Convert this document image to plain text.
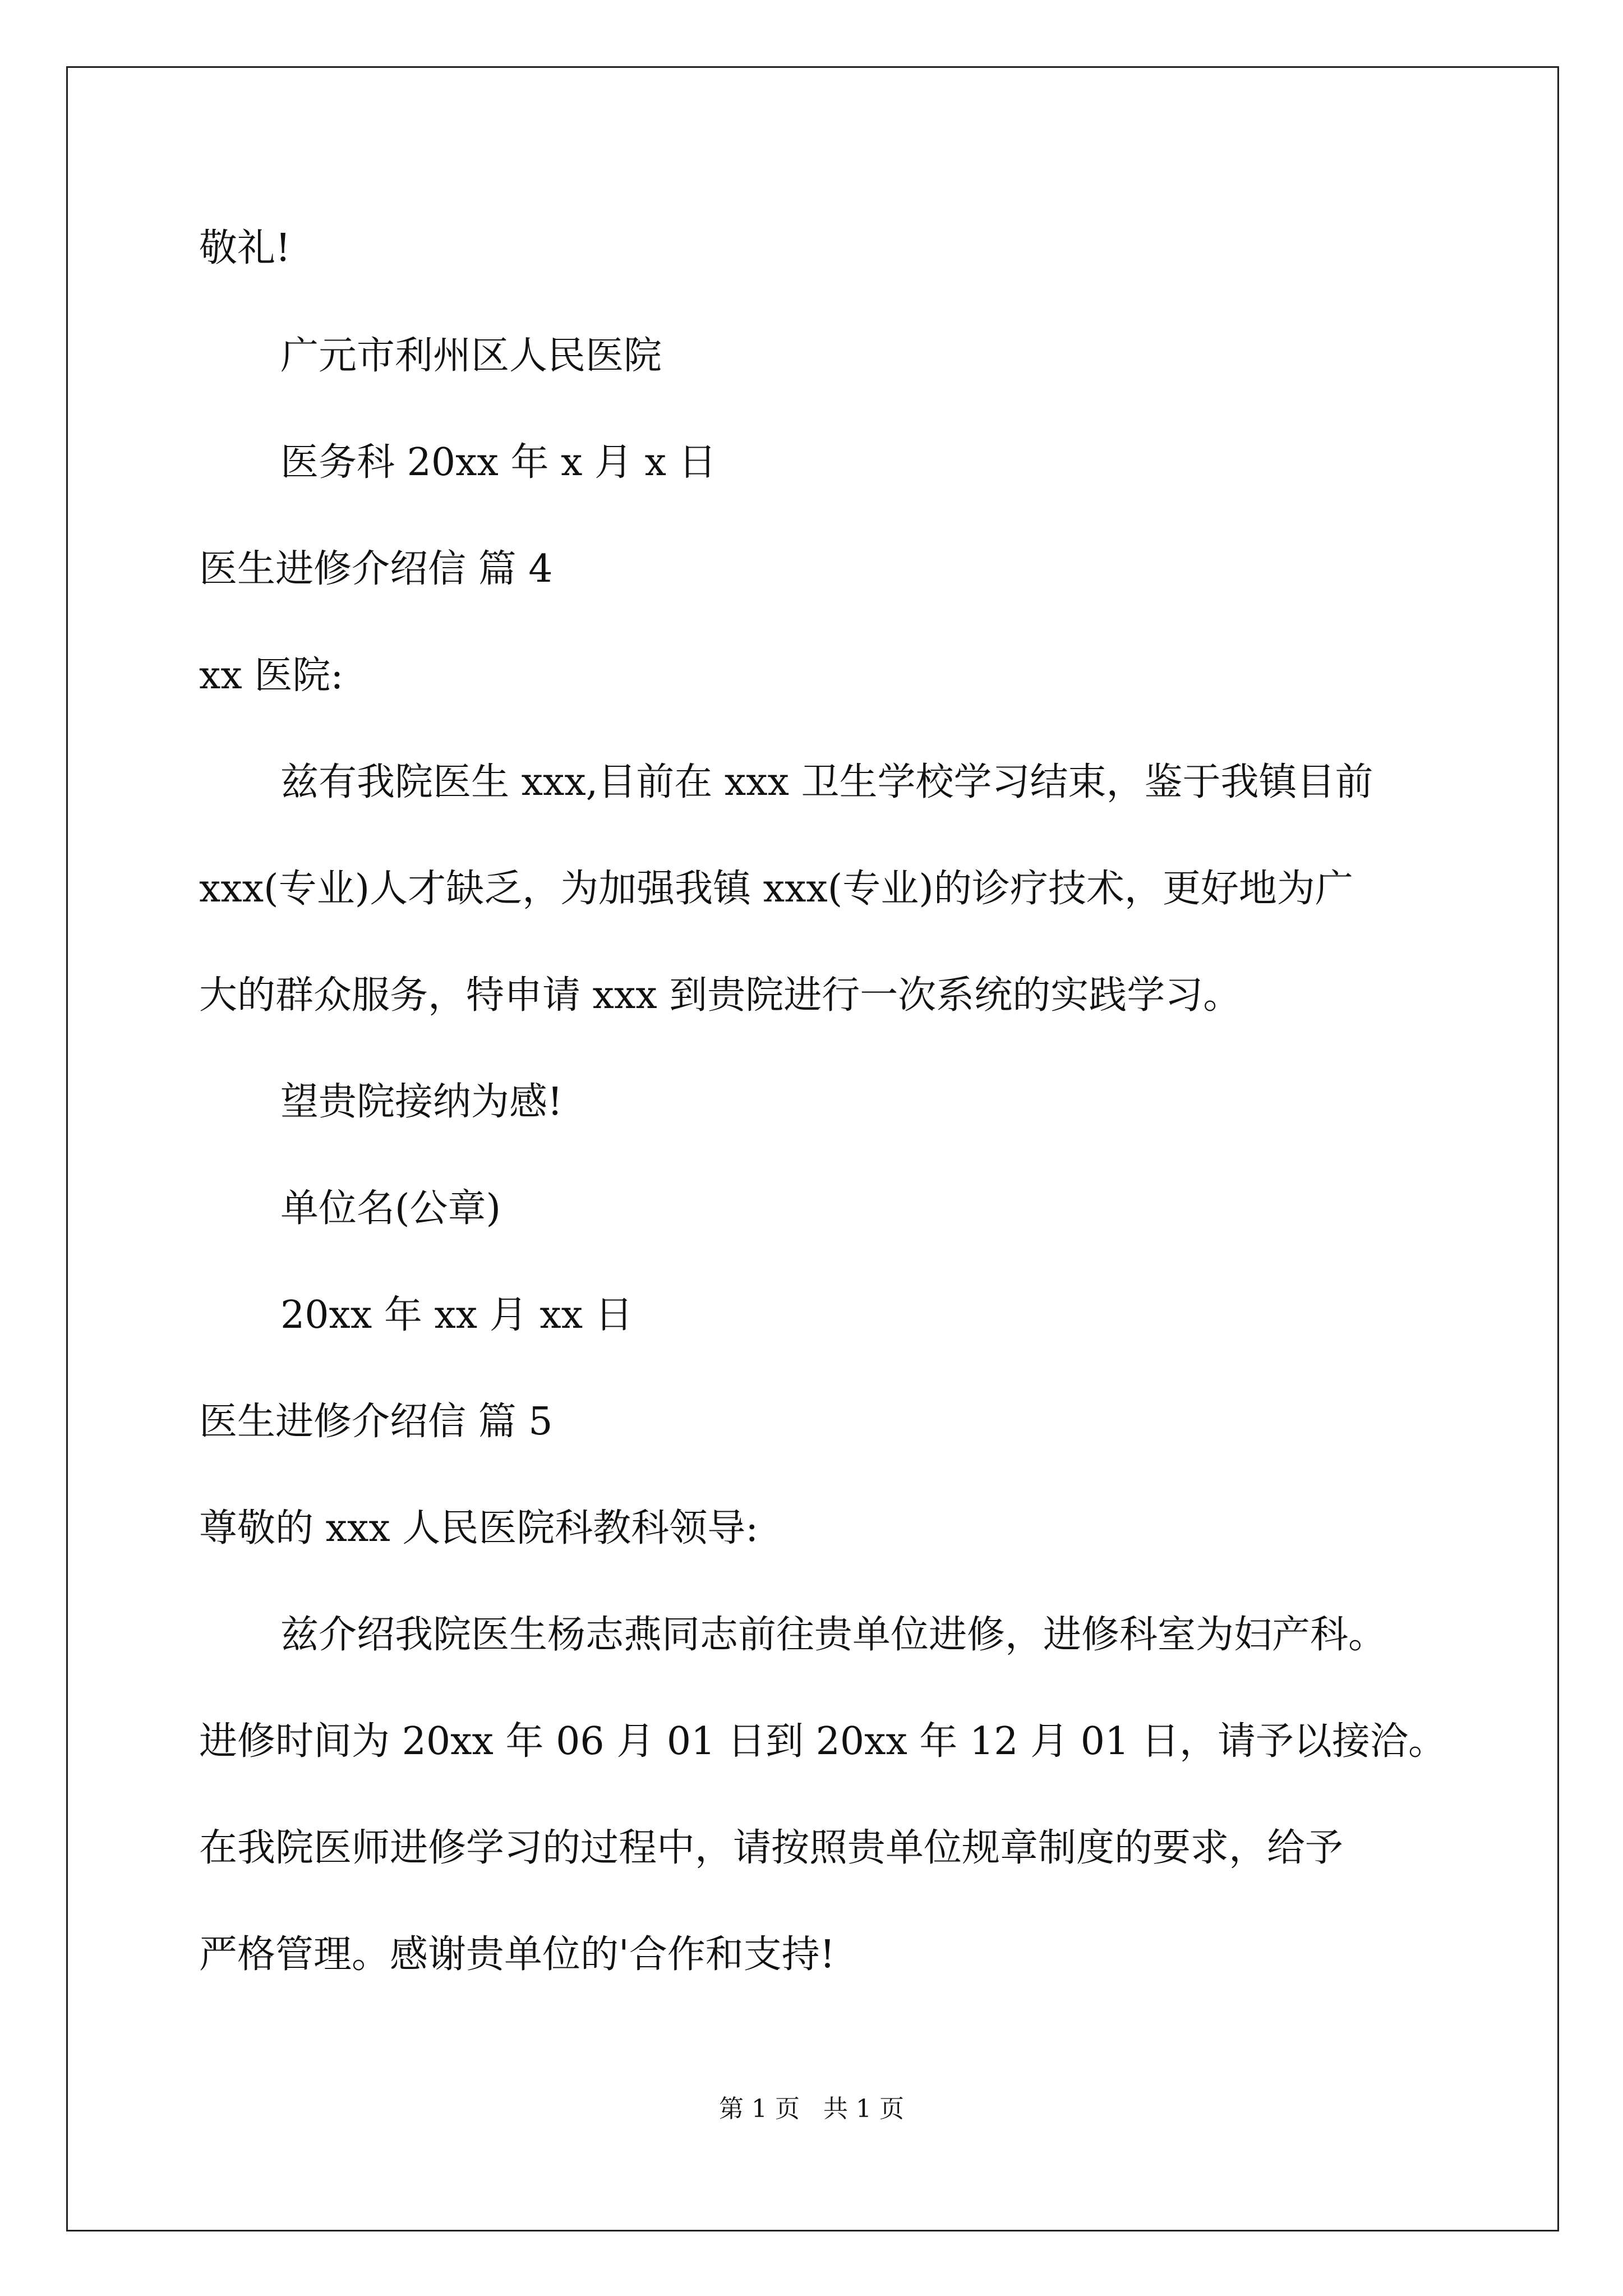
敬礼!
广元市利州区人民医院
医务科 20xx 年 x 月 x 日
医生进修介绍信 篇 4
xx 医院:
兹有我院医生 xxx,目前在 xxx 卫生学校学习结束，鉴于我镇目前
xxx(专业)人才缺乏，为加强我镇 xxx(专业)的诊疗技术，更好地为广
大的群众服务，特申请 xxx 到贵院进行一次系统的实践学习。
望贵院接纳为感!
单位名(公章)
20xx 年 xx 月 xx 日
医生进修介绍信 篇 5
尊敬的 xxx 人民医院科教科领导:
兹介绍我院医生杨志燕同志前往贵单位进修，进修科室为妇产科。
进修时间为 20xx 年 06 月 01 日到 20xx 年 12 月 01 日，请予以接洽。
在我院医师进修学习的过程中，请按照贵单位规章制度的要求，给予
严格管理。感谢贵单位的'合作和支持!
第 1 页   共 1 页
